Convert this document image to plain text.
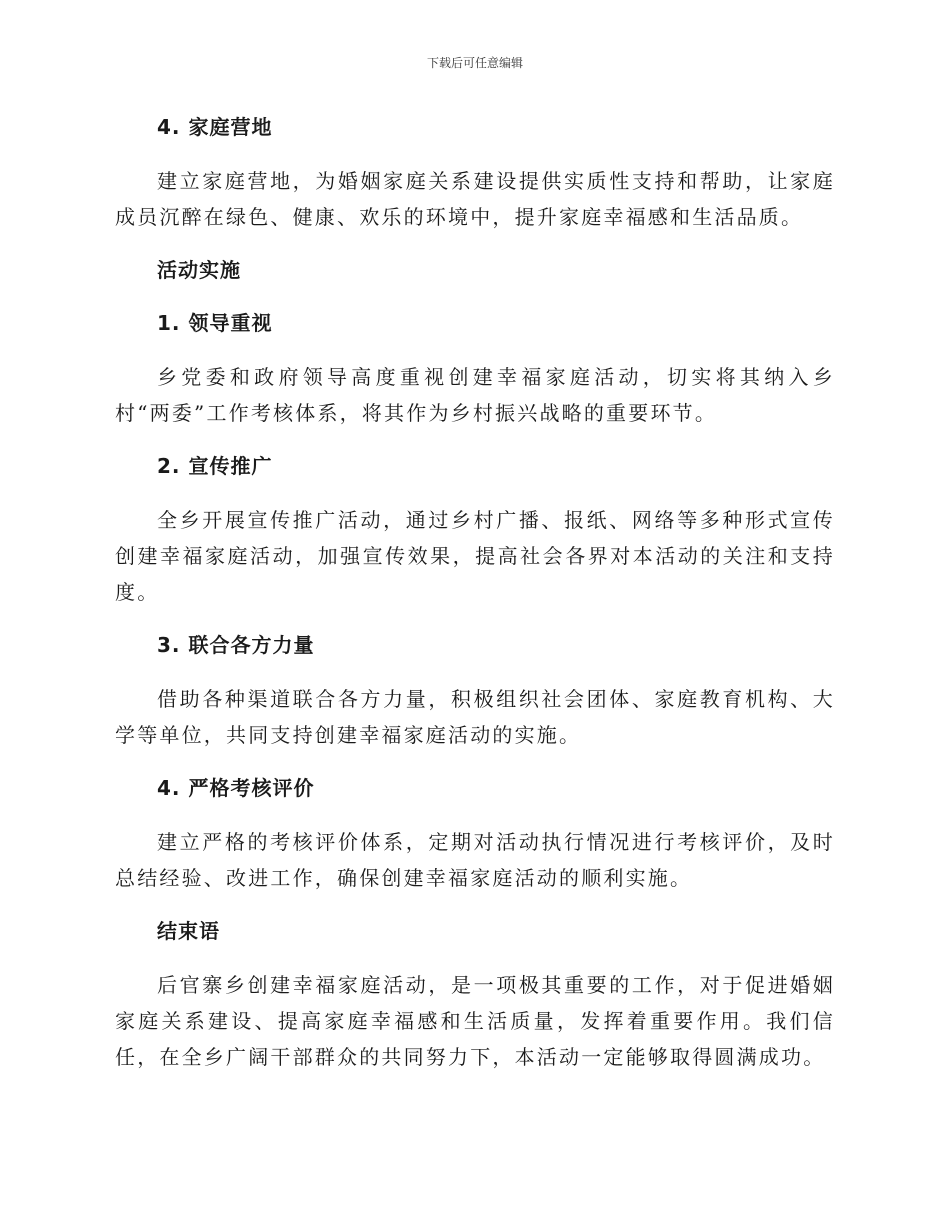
下载后可任意编辑
4. 家庭营地
建立家庭营地，为婚姻家庭关系建设提供实质性支持和帮助，让家庭成员沉醉在绿色、健康、欢乐的环境中，提升家庭幸福感和生活品质。
活动实施
1. 领导重视
乡党委和政府领导高度重视创建幸福家庭活动，切实将其纳入乡村“两委”工作考核体系，将其作为乡村振兴战略的重要环节。
2. 宣传推广
全乡开展宣传推广活动，通过乡村广播、报纸、网络等多种形式宣传创建幸福家庭活动，加强宣传效果，提高社会各界对本活动的关注和支持度。
3. 联合各方力量
借助各种渠道联合各方力量，积极组织社会团体、家庭教育机构、大学等单位，共同支持创建幸福家庭活动的实施。
4. 严格考核评价
建立严格的考核评价体系，定期对活动执行情况进行考核评价，及时总结经验、改进工作，确保创建幸福家庭活动的顺利实施。
结束语
后官寨乡创建幸福家庭活动，是一项极其重要的工作，对于促进婚姻家庭关系建设、提高家庭幸福感和生活质量，发挥着重要作用。我们信任，在全乡广阔干部群众的共同努力下，本活动一定能够取得圆满成功。
